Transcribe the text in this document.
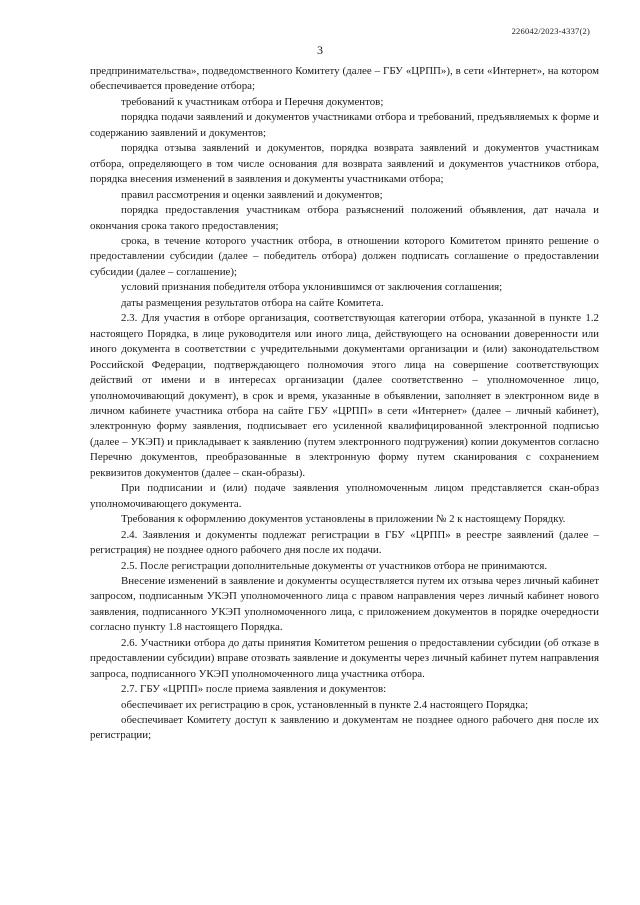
226042/2023-4337(2)
3

предпринимательства», подведомственного Комитету (далее – ГБУ «ЦРПП»), в сети «Интернет», на котором обеспечивается проведение отбора;

требований к участникам отбора и Перечня документов;

порядка подачи заявлений и документов участниками отбора и требований, предъявляемых к форме и содержанию заявлений и документов;

порядка отзыва заявлений и документов, порядка возврата заявлений и документов участникам отбора, определяющего в том числе основания для возврата заявлений и документов участников отбора, порядка внесения изменений в заявления и документы участниками отбора;

правил рассмотрения и оценки заявлений и документов;

порядка предоставления участникам отбора разъяснений положений объявления, дат начала и окончания срока такого предоставления;

срока, в течение которого участник отбора, в отношении которого Комитетом принято решение о предоставлении субсидии (далее – победитель отбора) должен подписать соглашение о предоставлении субсидии (далее – соглашение);

условий признания победителя отбора уклонившимся от заключения соглашения;

даты размещения результатов отбора на сайте Комитета.

2.3. Для участия в отборе организация, соответствующая категории отбора, указанной в пункте 1.2 настоящего Порядка, в лице руководителя или иного лица, действующего на основании доверенности или иного документа в соответствии с учредительными документами организации и (или) законодательством Российской Федерации, подтверждающего полномочия этого лица на совершение соответствующих действий от имени и в интересах организации (далее соответственно – уполномоченное лицо, уполномочивающий документ), в срок и время, указанные в объявлении, заполняет в электронном виде в личном кабинете участника отбора на сайте ГБУ «ЦРПП» в сети «Интернет» (далее – личный кабинет), электронную форму заявления, подписывает его усиленной квалифицированной электронной подписью (далее – УКЭП) и прикладывает к заявлению (путем электронного подгружения) копии документов согласно Перечню документов, преобразованные в электронную форму путем сканирования с сохранением реквизитов документов (далее – скан-образы).

При подписании и (или) подаче заявления уполномоченным лицом представляется скан-образ уполномочивающего документа.

Требования к оформлению документов установлены в приложении № 2 к настоящему Порядку.

2.4. Заявления и документы подлежат регистрации в ГБУ «ЦРПП» в реестре заявлений (далее – регистрация) не позднее одного рабочего дня после их подачи.

2.5. После регистрации дополнительные документы от участников отбора не принимаются.

Внесение изменений в заявление и документы осуществляется путем их отзыва через личный кабинет запросом, подписанным УКЭП уполномоченного лица с правом направления через личный кабинет нового заявления, подписанного УКЭП уполномоченного лица, с приложением документов в порядке очередности согласно пункту 1.8 настоящего Порядка.

2.6. Участники отбора до даты принятия Комитетом решения о предоставлении субсидии (об отказе в предоставлении субсидии) вправе отозвать заявление и документы через личный кабинет путем направления запроса, подписанного УКЭП уполномоченного лица участника отбора.

2.7. ГБУ «ЦРПП» после приема заявления и документов:

обеспечивает их регистрацию в срок, установленный в пункте 2.4 настоящего Порядка;

обеспечивает Комитету доступ к заявлению и документам не позднее одного рабочего дня после их регистрации;
